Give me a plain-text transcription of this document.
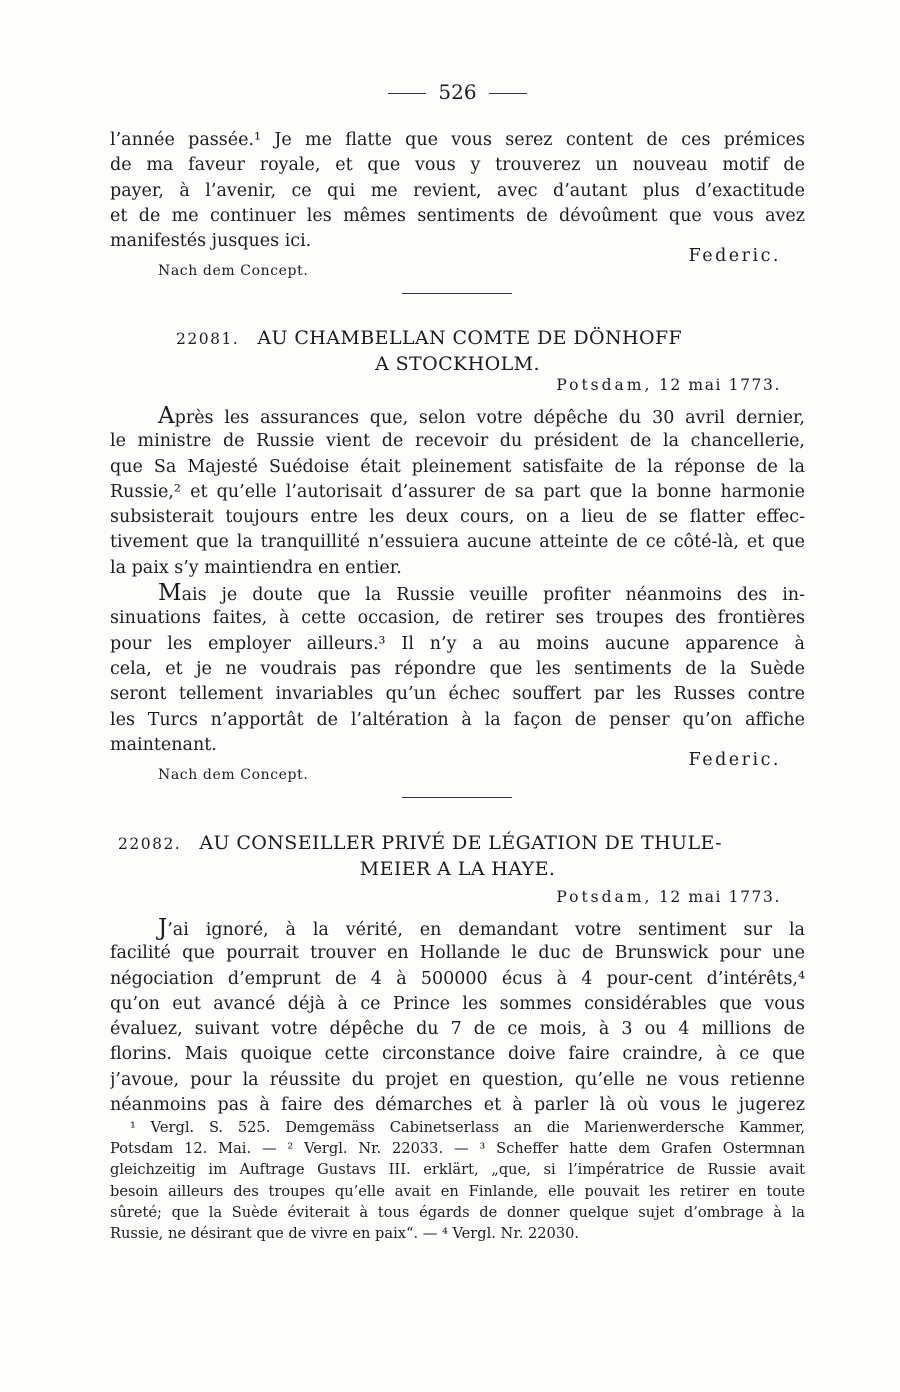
526
l’année passée.¹ Je me flatte que vous serez content de ces prémices
de ma faveur royale, et que vous y trouverez un nouveau motif de
payer, à l’avenir, ce qui me revient, avec d’autant plus d’exactitude
et de me continuer les mêmes sentiments de dévoûment que vous avez
manifestés jusques ici.
Federic.
Nach dem Concept.
22081. AU CHAMBELLAN COMTE DE DÖNHOFF
A STOCKHOLM.
Potsdam, 12 mai 1773.
Après les assurances que, selon votre dépêche du 30 avril dernier,
le ministre de Russie vient de recevoir du président de la chancellerie,
que Sa Majesté Suédoise était pleinement satisfaite de la réponse de la
Russie,² et qu’elle l’autorisait d’assurer de sa part que la bonne harmonie
subsisterait toujours entre les deux cours, on a lieu de se flatter effec-
tivement que la tranquillité n’essuiera aucune atteinte de ce côté-là, et que
la paix s’y maintiendra en entier.
Mais je doute que la Russie veuille profiter néanmoins des in-
sinuations faites, à cette occasion, de retirer ses troupes des frontières
pour les employer ailleurs.³ Il n’y a au moins aucune apparence à
cela, et je ne voudrais pas répondre que les sentiments de la Suède
seront tellement invariables qu’un échec souffert par les Russes contre
les Turcs n’apportât de l’altération à la façon de penser qu’on affiche
maintenant.
Federic.
Nach dem Concept.
22082. AU CONSEILLER PRIVÉ DE LÉGATION DE THULE-
MEIER A LA HAYE.
Potsdam, 12 mai 1773.
J’ai ignoré, à la vérité, en demandant votre sentiment sur la
facilité que pourrait trouver en Hollande le duc de Brunswick pour une
négociation d’emprunt de 4 à 500000 écus à 4 pour-cent d’intérêts,⁴
qu’on eut avancé déjà à ce Prince les sommes considérables que vous
évaluez, suivant votre dépêche du 7 de ce mois, à 3 ou 4 millions de
florins. Mais quoique cette circonstance doive faire craindre, à ce que
j’avoue, pour la réussite du projet en question, qu’elle ne vous retienne
néanmoins pas à faire des démarches et à parler là où vous le jugerez
¹ Vergl. S. 525. Demgemäss Cabinetserlass an die Marienwerdersche Kammer,
Potsdam 12. Mai. — ² Vergl. Nr. 22033. — ³ Scheffer hatte dem Grafen Ostermnan
gleichzeitig im Auftrage Gustavs III. erklärt, „que, si l’impératrice de Russie avait
besoin ailleurs des troupes qu’elle avait en Finlande, elle pouvait les retirer en toute
sûreté; que la Suède éviterait à tous égards de donner quelque sujet d’ombrage à la
Russie, ne désirant que de vivre en paix“. — ⁴ Vergl. Nr. 22030.
